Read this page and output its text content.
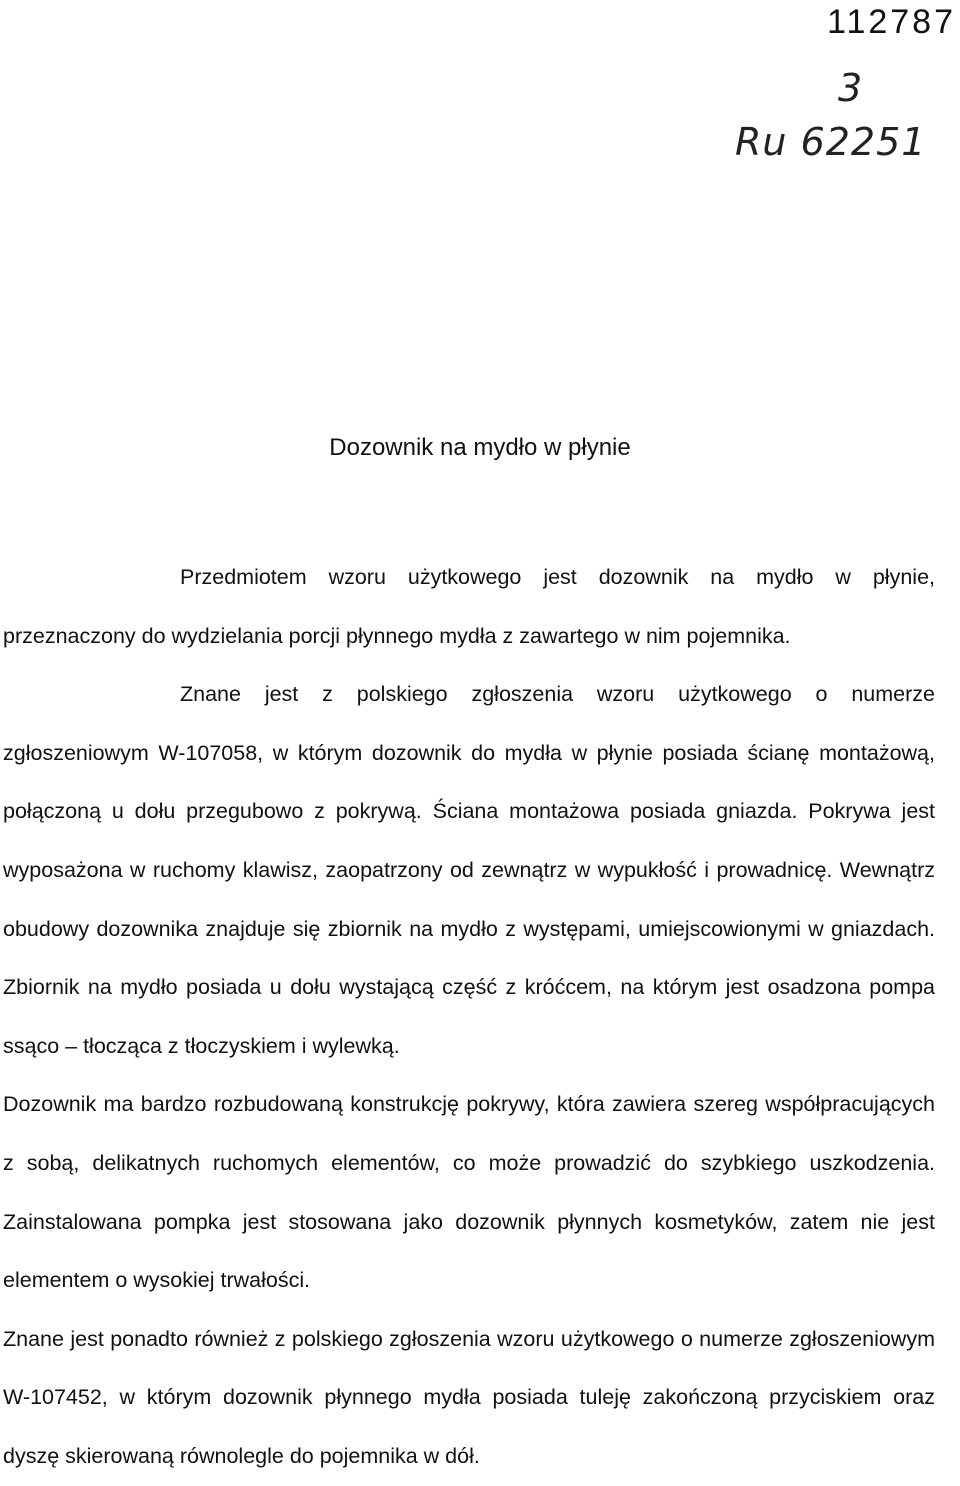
112787
3
Ru 62251
Dozownik na mydło w płynie

Przedmiotem wzoru użytkowego jest dozownik na mydło w płynie, przeznaczony do wydzielania porcji płynnego mydła z zawartego w nim pojemnika.

Znane jest z polskiego zgłoszenia wzoru użytkowego o numerze zgłoszeniowym W-107058, w którym dozownik do mydła w płynie posiada ścianę montażową, połączoną u dołu przegubowo z pokrywą. Ściana montażowa posiada gniazda. Pokrywa jest wyposażona w ruchomy klawisz, zaopatrzony od zewnątrz w wypukłość i prowadnicę. Wewnątrz obudowy dozownika znajduje się zbiornik na mydło z występami, umiejscowionymi w gniazdach. Zbiornik na mydło posiada u dołu wystającą część z króćcem, na którym jest osadzona pompa ssąco – tłocząca z tłoczyskiem i wylewką.

Dozownik ma bardzo rozbudowaną konstrukcję pokrywy, która zawiera szereg współpracujących z sobą, delikatnych ruchomych elementów, co może prowadzić do szybkiego uszkodzenia. Zainstalowana pompka jest stosowana jako dozownik płynnych kosmetyków, zatem nie jest elementem o wysokiej trwałości.

Znane jest ponadto również z polskiego zgłoszenia wzoru użytkowego o numerze zgłoszeniowym W-107452, w którym dozownik płynnego mydła posiada tuleję zakończoną przyciskiem oraz dyszę skierowaną równolegle do pojemnika w dół.
